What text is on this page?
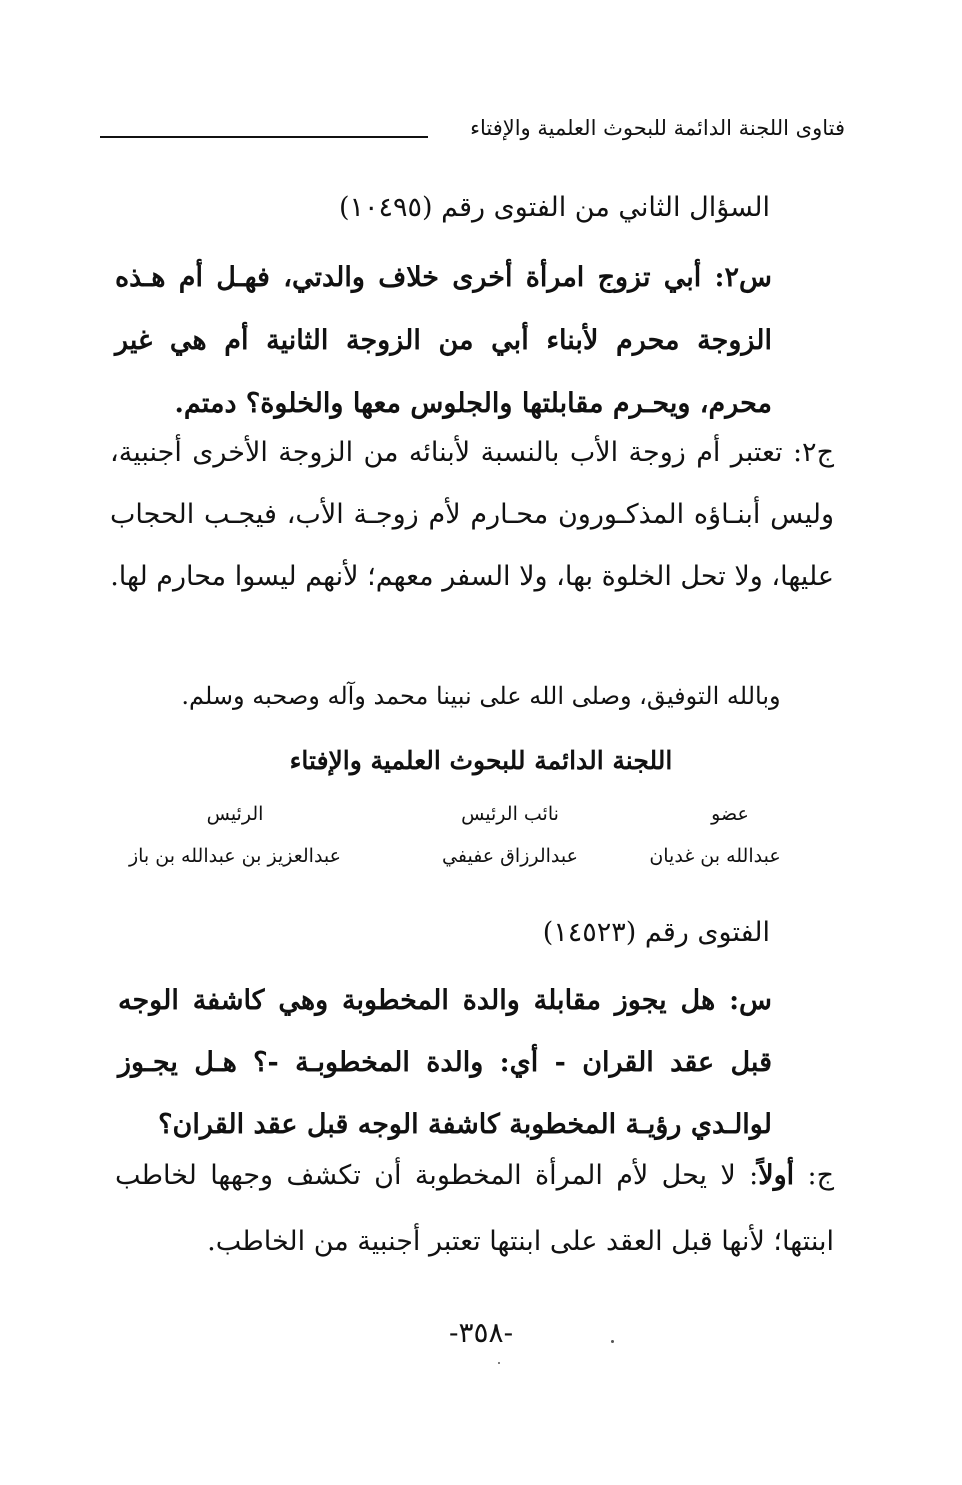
فتاوى اللجنة الدائمة للبحوث العلمية والإفتاء

السؤال الثاني من الفتوى رقم (١٠٤٩٥)

س٢: أبي تزوج امرأة أخرى خلاف والدتي، فهـل أم هـذه الزوجة محرم لأبناء أبي من الزوجة الثانية أم هي غير محرم، ويحـرم مقابلتها والجلوس معها والخلوة؟ دمتم.

ج٢: تعتبر أم زوجة الأب بالنسبة لأبنائه من الزوجة الأخرى أجنبية، وليس أبنـاؤه المذكـورون محـارم لأم زوجـة الأب، فيجـب الحجاب عليها، ولا تحل الخلوة بها، ولا السفر معهم؛ لأنهم ليسوا محارم لها.

وبالله التوفيق، وصلى الله على نبينا محمد وآله وصحبه وسلم.
اللجنة الدائمة للبحوث العلمية والإفتاء
الرئيس	نائب الرئيس	عضو
عبدالعزيز بن عبدالله بن باز	عبدالرزاق عفيفي	عبدالله بن غديان

الفتوى رقم (١٤٥٢٣)

س: هل يجوز مقابلة والدة المخطوبة وهي كاشفة الوجه قبل عقد القران - أي: والدة المخطوبـة -؟ هـل يجـوز لوالـدي رؤيـة المخطوبة كاشفة الوجه قبل عقد القران؟

ج: أولاً: لا يحل لأم المرأة المخطوبة أن تكشف وجهها لخاطب ابنتها؛ لأنها قبل العقد على ابنتها تعتبر أجنبية من الخاطب.

-٣٥٨-
